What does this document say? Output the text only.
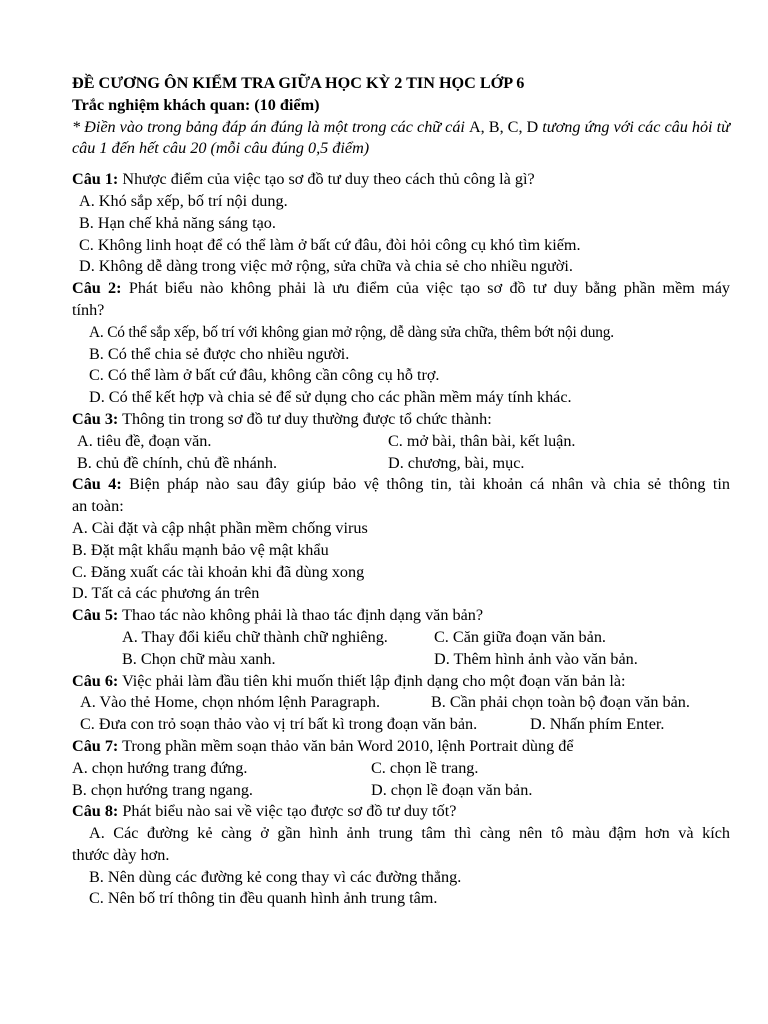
ĐỀ CƯƠNG ÔN KIỂM TRA GIỮA HỌC KỲ 2 TIN HỌC LỚP 6
Trắc nghiệm khách quan: (10 điểm)
* Điền vào trong bảng đáp án đúng là một trong các chữ cái A, B, C, D tương ứng với các câu hỏi từ câu 1 đến hết câu 20 (mỗi câu đúng 0,5 điểm)
Câu 1: Nhược điểm của việc tạo sơ đồ tư duy theo cách thủ công là gì?
A. Khó sắp xếp, bố trí nội dung.
B. Hạn chế khả năng sáng tạo.
C. Không linh hoạt để có thể làm ở bất cứ đâu, đòi hỏi công cụ khó tìm kiếm.
D. Không dễ dàng trong việc mở rộng, sửa chữa và chia sẻ cho nhiều người.
Câu 2: Phát biểu nào không phải là ưu điểm của việc tạo sơ đồ tư duy bằng phần mềm máy
tính?
A. Có thể sắp xếp, bố trí với không gian mở rộng, dễ dàng sửa chữa, thêm bớt nội dung.
B. Có thể chia sẻ được cho nhiều người.
C. Có thể làm ở bất cứ đâu, không cần công cụ hỗ trợ.
D. Có thể kết hợp và chia sẻ để sử dụng cho các phần mềm máy tính khác.
Câu 3: Thông tin trong sơ đồ tư duy thường được tổ chức thành:
A. tiêu đề, đoạn văn.	C. mở bài, thân bài, kết luận.
B. chủ đề chính, chủ đề nhánh.	D. chương, bài, mục.
Câu 4: Biện pháp nào sau đây giúp bảo vệ thông tin, tài khoản cá nhân và chia sẻ thông tin
an toàn:
A. Cài đặt và cập nhật phần mềm chống virus
B. Đặt mật khẩu mạnh bảo vệ mật khẩu
C. Đăng xuất các tài khoản khi đã dùng xong
D. Tất cả các phương án trên
Câu 5: Thao tác nào không phải là thao tác định dạng văn bản?
A. Thay đổi kiểu chữ thành chữ nghiêng.	C. Căn giữa đoạn văn bản.
B. Chọn chữ màu xanh.	D. Thêm hình ảnh vào văn bản.
Câu 6: Việc phải làm đầu tiên khi muốn thiết lập định dạng cho một đoạn văn bản là:
A. Vào thẻ Home, chọn nhóm lệnh Paragraph.	B. Cần phải chọn toàn bộ đoạn văn bản.
C. Đưa con trỏ soạn thảo vào vị trí bất kì trong đoạn văn bản.	D. Nhấn phím Enter.
Câu 7: Trong phần mềm soạn thảo văn bản Word 2010, lệnh Portrait dùng để
A. chọn hướng trang đứng.	C. chọn lề trang.
B. chọn hướng trang ngang.	D. chọn lề đoạn văn bản.
Câu 8: Phát biểu nào sai về việc tạo được sơ đồ tư duy tốt?
A. Các đường kẻ càng ở gần hình ảnh trung tâm thì càng nên tô màu đậm hơn và kích
thước dày hơn.
B. Nên dùng các đường kẻ cong thay vì các đường thẳng.
C. Nên bố trí thông tin đều quanh hình ảnh trung tâm.
